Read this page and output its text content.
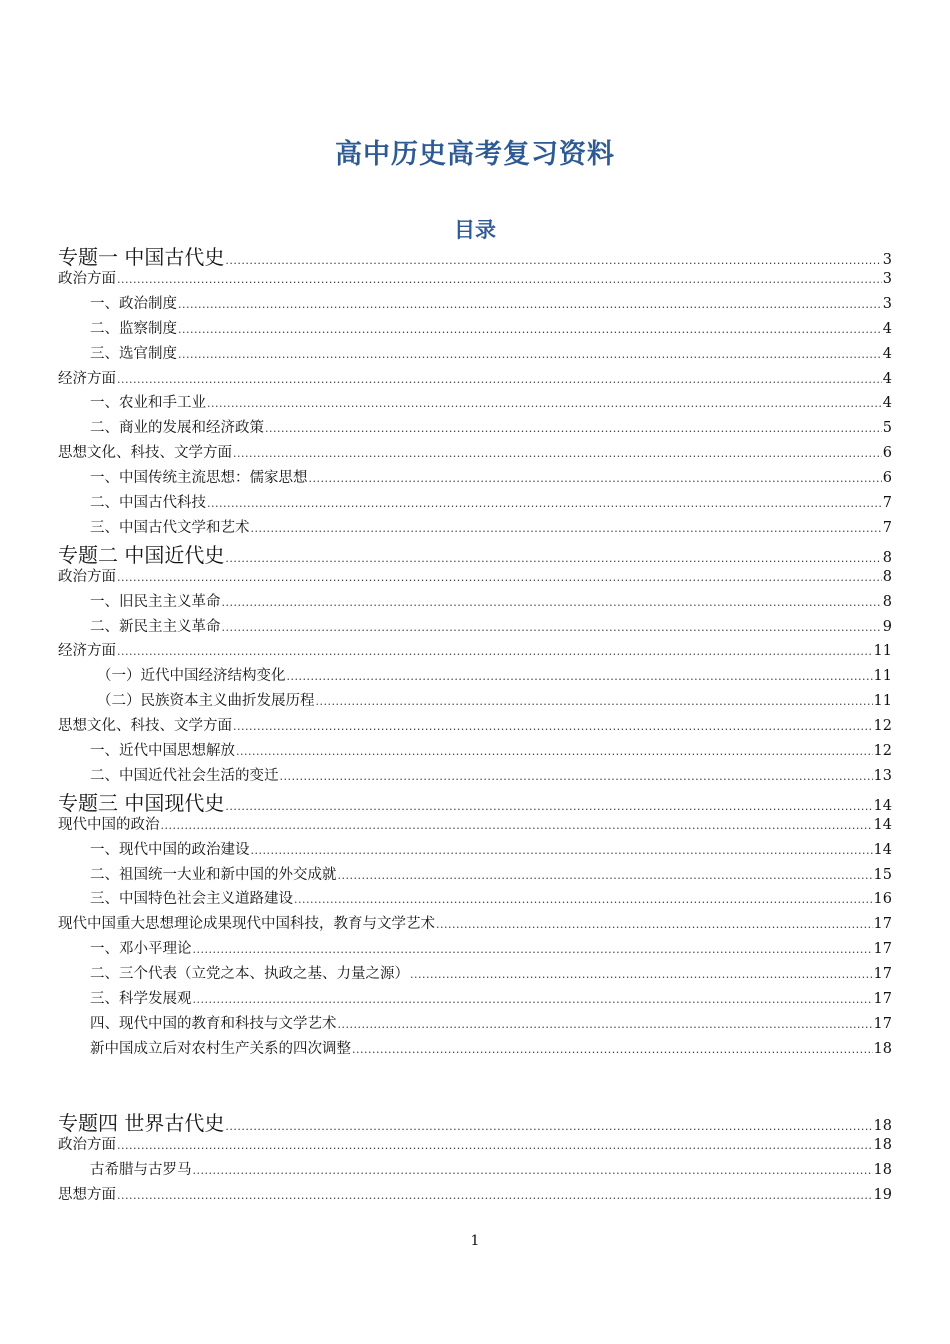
高中历史高考复习资料
目录
专题一 中国古代史 .....	3
政治方面 .....	3
一、政治制度 .....	3
二、监察制度 .....	4
三、选官制度 .....	4
经济方面 .....	4
一、农业和手工业 .....	4
二、商业的发展和经济政策 .....	5
思想文化、科技、文学方面 .....	6
一、中国传统主流思想：儒家思想 .....	6
二、中国古代科技 .....	7
三、中国古代文学和艺术 .....	7
专题二 中国近代史 .....	8
政治方面 .....	8
一、旧民主主义革命 .....	8
二、新民主主义革命 .....	9
经济方面 .....	11
（一）近代中国经济结构变化 .....	11
（二）民族资本主义曲折发展历程 .....	11
思想文化、科技、文学方面 .....	12
一、近代中国思想解放 .....	12
二、中国近代社会生活的变迁 .....	13
专题三 中国现代史 .....	14
现代中国的政治 .....	14
一、现代中国的政治建设 .....	14
二、祖国统一大业和新中国的外交成就 .....	15
三、中国特色社会主义道路建设 .....	16
现代中国重大思想理论成果现代中国科技，教育与文学艺术 .....	17
一、邓小平理论 .....	17
二、三个代表（立党之本、执政之基、力量之源） .....	17
三、科学发展观 .....	17
四、现代中国的教育和科技与文学艺术 .....	17
新中国成立后对农村生产关系的四次调整 .....	18
专题四 世界古代史 .....	18
政治方面 .....	18
古希腊与古罗马 .....	18
思想方面 .....	19
1
